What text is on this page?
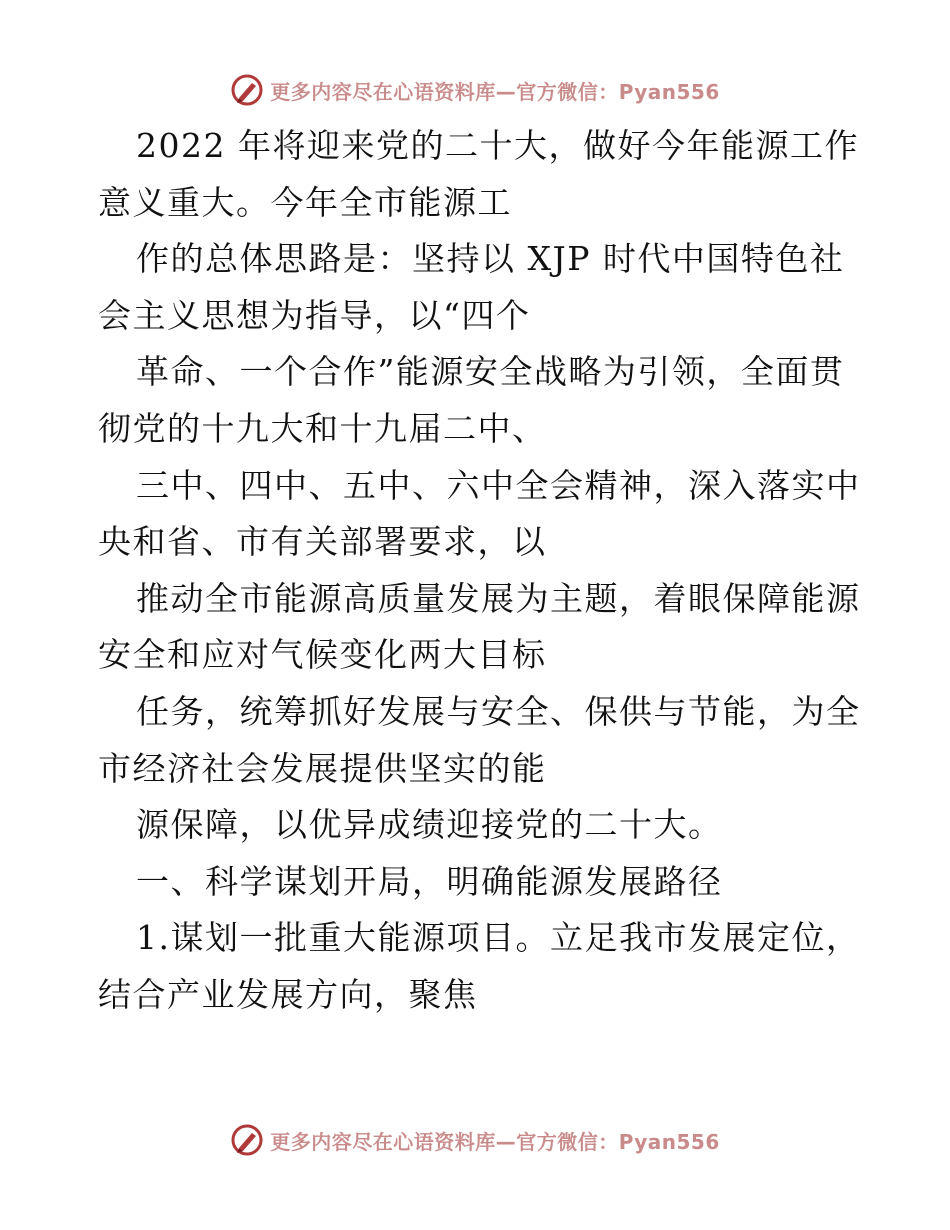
更多内容尽在心语资料库—官方微信：Pyan556
2022 年将迎来党的二十大，做好今年能源工作
意义重大。今年全市能源工
作的总体思路是：坚持以 XJP 时代中国特色社
会主义思想为指导，以“四个
革命、一个合作”能源安全战略为引领，全面贯
彻党的十九大和十九届二中、
三中、四中、五中、六中全会精神，深入落实中
央和省、市有关部署要求，以
推动全市能源高质量发展为主题，着眼保障能源
安全和应对气候变化两大目标
任务，统筹抓好发展与安全、保供与节能，为全
市经济社会发展提供坚实的能
源保障，以优异成绩迎接党的二十大。
一、科学谋划开局，明确能源发展路径
1.谋划一批重大能源项目。立足我市发展定位，
结合产业发展方向，聚焦
更多内容尽在心语资料库—官方微信：Pyan556
